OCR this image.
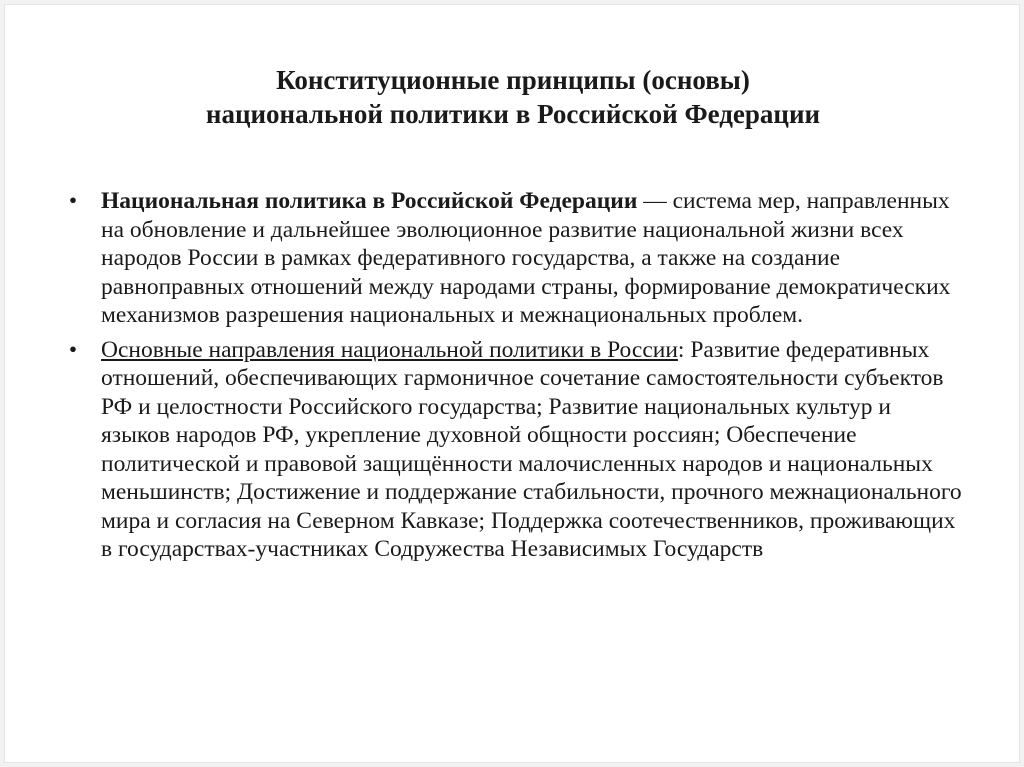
Конституционные принципы (основы)
национальной политики в Российской Федерации
• Национальная политика в Российской Федерации — система мер, направленных на обновление и дальнейшее эволюционное развитие национальной жизни всех народов России в рамках федеративного государства, а также на создание равноправных отношений между народами страны, формирование демократических механизмов разрешения национальных и межнациональных проблем.
• Основные направления национальной политики в России: Развитие федеративных отношений, обеспечивающих гармоничное сочетание самостоятельности субъектов РФ и целостности Российского государства; Развитие национальных культур и языков народов РФ, укрепление духовной общности россиян; Обеспечение политической и правовой защищённости малочисленных народов и национальных меньшинств; Достижение и поддержание стабильности, прочного межнационального мира и согласия на Северном Кавказе; Поддержка соотечественников, проживающих в государствах-участниках Содружества Независимых Государств
